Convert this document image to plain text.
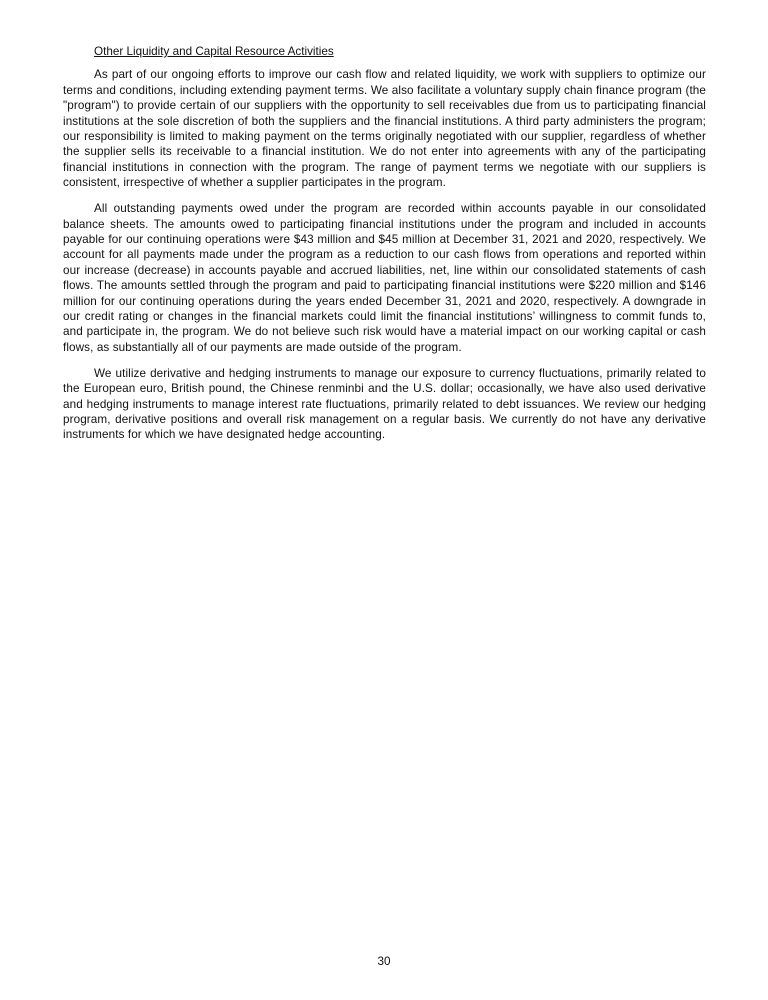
Other Liquidity and Capital Resource Activities

As part of our ongoing efforts to improve our cash flow and related liquidity, we work with suppliers to optimize our terms and conditions, including extending payment terms. We also facilitate a voluntary supply chain finance program (the "program") to provide certain of our suppliers with the opportunity to sell receivables due from us to participating financial institutions at the sole discretion of both the suppliers and the financial institutions. A third party administers the program; our responsibility is limited to making payment on the terms originally negotiated with our supplier, regardless of whether the supplier sells its receivable to a financial institution. We do not enter into agreements with any of the participating financial institutions in connection with the program. The range of payment terms we negotiate with our suppliers is consistent, irrespective of whether a supplier participates in the program.

All outstanding payments owed under the program are recorded within accounts payable in our consolidated balance sheets. The amounts owed to participating financial institutions under the program and included in accounts payable for our continuing operations were $43 million and $45 million at December 31, 2021 and 2020, respectively. We account for all payments made under the program as a reduction to our cash flows from operations and reported within our increase (decrease) in accounts payable and accrued liabilities, net, line within our consolidated statements of cash flows. The amounts settled through the program and paid to participating financial institutions were $220 million and $146 million for our continuing operations during the years ended December 31, 2021 and 2020, respectively. A downgrade in our credit rating or changes in the financial markets could limit the financial institutions’ willingness to commit funds to, and participate in, the program. We do not believe such risk would have a material impact on our working capital or cash flows, as substantially all of our payments are made outside of the program.

We utilize derivative and hedging instruments to manage our exposure to currency fluctuations, primarily related to the European euro, British pound, the Chinese renminbi and the U.S. dollar; occasionally, we have also used derivative and hedging instruments to manage interest rate fluctuations, primarily related to debt issuances. We review our hedging program, derivative positions and overall risk management on a regular basis. We currently do not have any derivative instruments for which we have designated hedge accounting.

30
